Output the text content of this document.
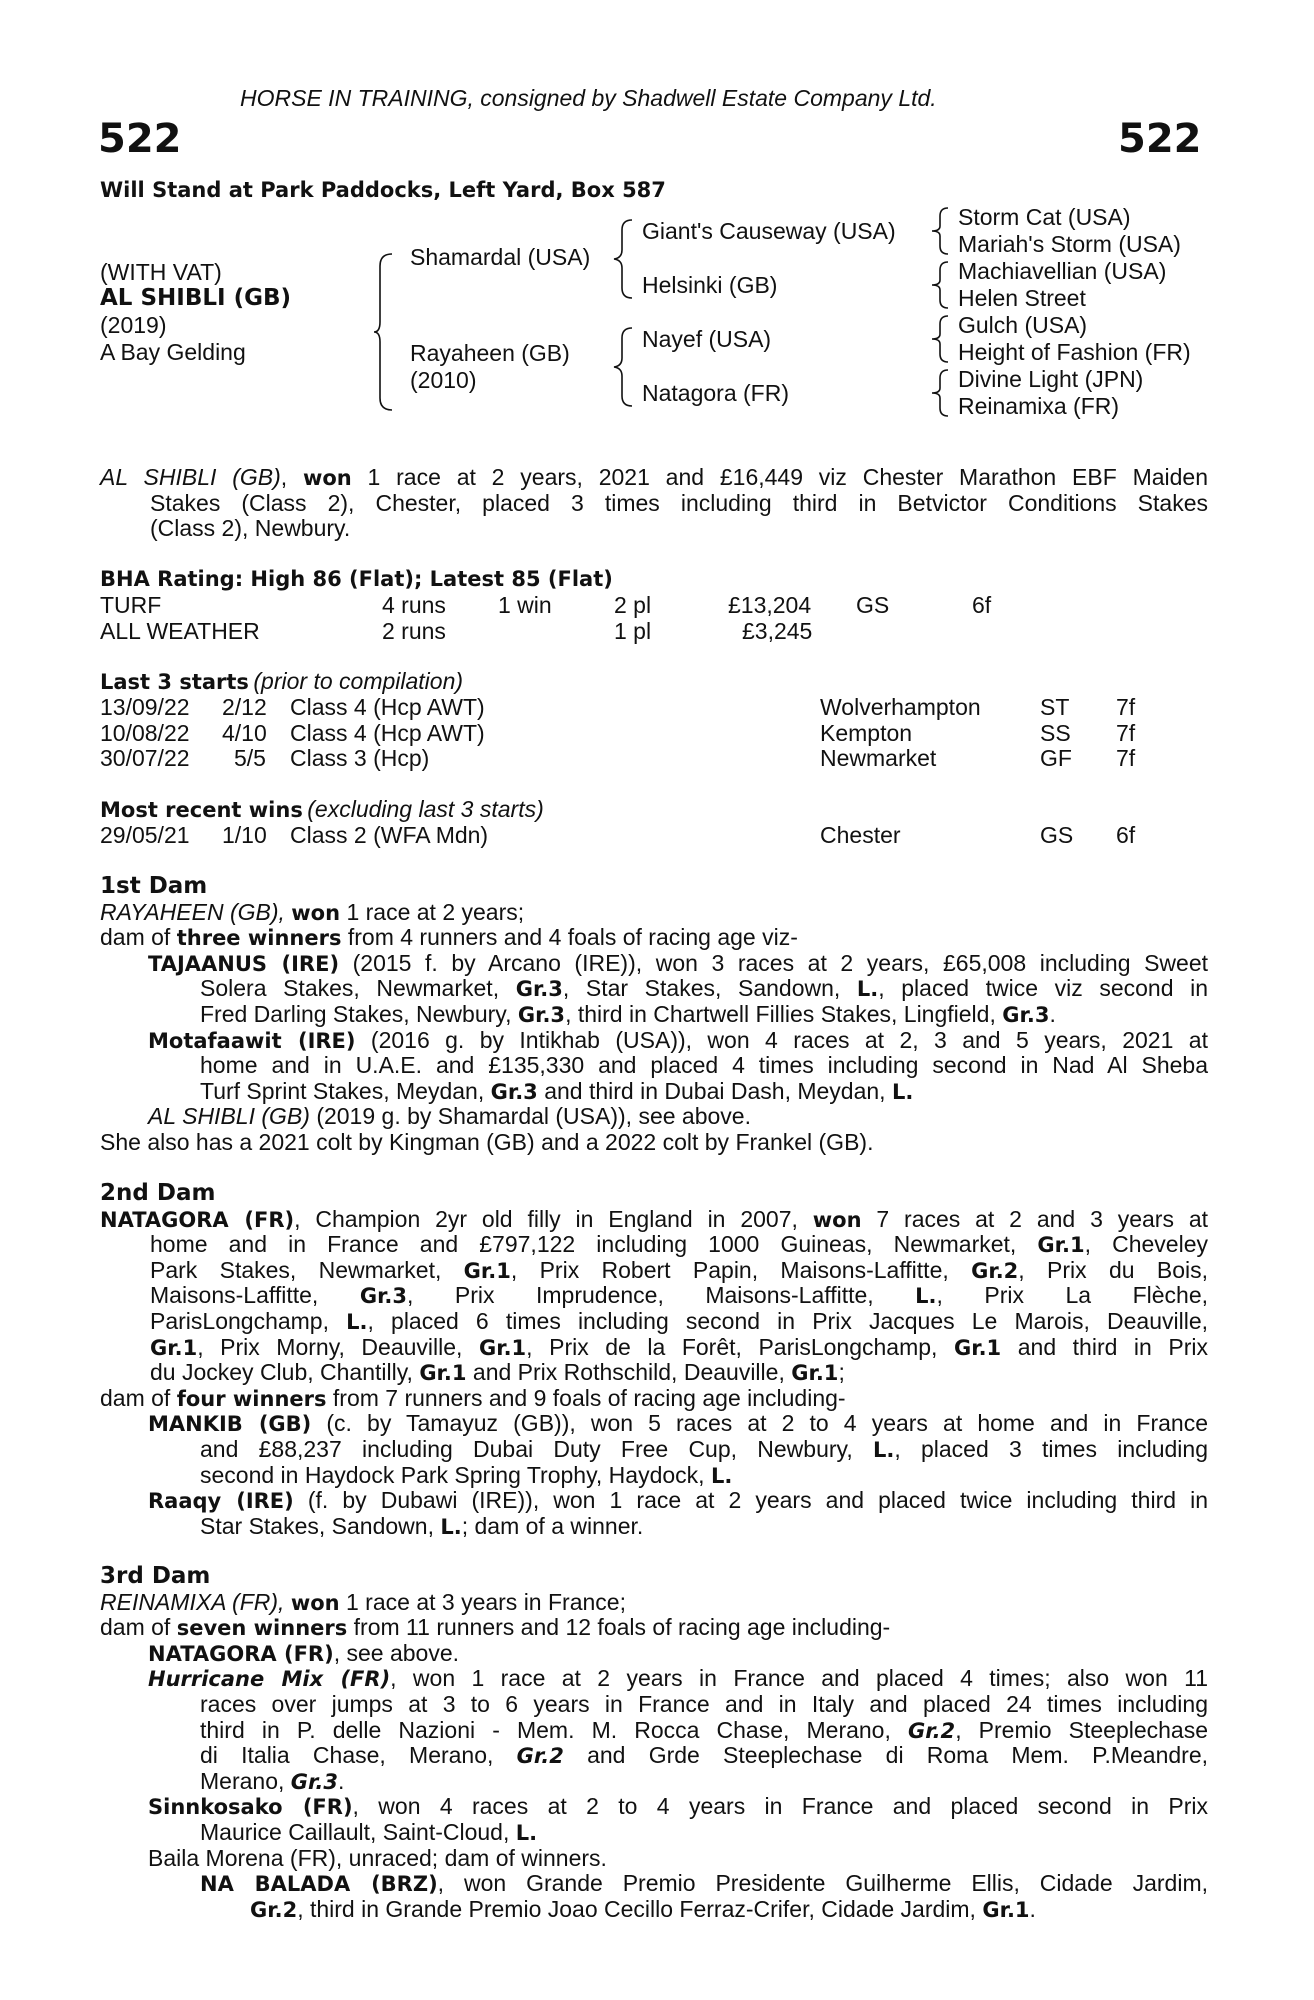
HORSE IN TRAINING, consigned by Shadwell Estate Company Ltd.
522	522
Will Stand at Park Paddocks, Left Yard, Box 587
(WITH VAT)
AL SHIBLI (GB)
(2019)
A Bay Gelding
Shamardal (USA)
Rayaheen (GB)
(2010)
Giant's Causeway (USA)
Helsinki (GB)
Nayef (USA)
Natagora (FR)
Storm Cat (USA)
Mariah's Storm (USA)
Machiavellian (USA)
Helen Street
Gulch (USA)
Height of Fashion (FR)
Divine Light (JPN)
Reinamixa (FR)
AL SHIBLI (GB), won 1 race at 2 years, 2021 and £16,449 viz Chester Marathon EBF Maiden
Stakes (Class 2), Chester, placed 3 times including third in Betvictor Conditions Stakes
(Class 2), Newbury.
BHA Rating: High 86 (Flat); Latest 85 (Flat)
TURF	4 runs 1 win	2 pl	£13,204 GS	6f
ALL WEATHER	2 runs	1 pl	£3,245
Last 3 starts (prior to compilation)
13/09/22 2/12 Class 4 (Hcp AWT)	Wolverhampton	ST 7f
10/08/22 4/10 Class 4 (Hcp AWT)	Kempton	SS 7f
30/07/22 5/5 Class 3 (Hcp)	Newmarket	GF 7f
Most recent wins (excluding last 3 starts)
29/05/21 1/10 Class 2 (WFA Mdn)	Chester	GS 6f
1st Dam
RAYAHEEN (GB), won 1 race at 2 years;
dam of three winners from 4 runners and 4 foals of racing age viz-
TAJAANUS (IRE) (2015 f. by Arcano (IRE)), won 3 races at 2 years, £65,008 including Sweet
Solera Stakes, Newmarket, Gr.3, Star Stakes, Sandown, L., placed twice viz second in
Fred Darling Stakes, Newbury, Gr.3, third in Chartwell Fillies Stakes, Lingfield, Gr.3.
Motafaawit (IRE) (2016 g. by Intikhab (USA)), won 4 races at 2, 3 and 5 years, 2021 at
home and in U.A.E. and £135,330 and placed 4 times including second in Nad Al Sheba
Turf Sprint Stakes, Meydan, Gr.3 and third in Dubai Dash, Meydan, L.
AL SHIBLI (GB) (2019 g. by Shamardal (USA)), see above.
She also has a 2021 colt by Kingman (GB) and a 2022 colt by Frankel (GB).
2nd Dam
NATAGORA (FR), Champion 2yr old filly in England in 2007, won 7 races at 2 and 3 years at
home and in France and £797,122 including 1000 Guineas, Newmarket, Gr.1, Cheveley
Park Stakes, Newmarket, Gr.1, Prix Robert Papin, Maisons-Laffitte, Gr.2, Prix du Bois,
Maisons-Laffitte, Gr.3, Prix Imprudence, Maisons-Laffitte, L., Prix La Flèche,
ParisLongchamp, L., placed 6 times including second in Prix Jacques Le Marois, Deauville,
Gr.1, Prix Morny, Deauville, Gr.1, Prix de la Forêt, ParisLongchamp, Gr.1 and third in Prix
du Jockey Club, Chantilly, Gr.1 and Prix Rothschild, Deauville, Gr.1;
dam of four winners from 7 runners and 9 foals of racing age including-
MANKIB (GB) (c. by Tamayuz (GB)), won 5 races at 2 to 4 years at home and in France
and £88,237 including Dubai Duty Free Cup, Newbury, L., placed 3 times including
second in Haydock Park Spring Trophy, Haydock, L.
Raaqy (IRE) (f. by Dubawi (IRE)), won 1 race at 2 years and placed twice including third in
Star Stakes, Sandown, L.; dam of a winner.
3rd Dam
REINAMIXA (FR), won 1 race at 3 years in France;
dam of seven winners from 11 runners and 12 foals of racing age including-
NATAGORA (FR), see above.
Hurricane Mix (FR), won 1 race at 2 years in France and placed 4 times; also won 11
races over jumps at 3 to 6 years in France and in Italy and placed 24 times including
third in P. delle Nazioni - Mem. M. Rocca Chase, Merano, Gr.2, Premio Steeplechase
di Italia Chase, Merano, Gr.2 and Grde Steeplechase di Roma Mem. P.Meandre,
Merano, Gr.3.
Sinnkosako (FR), won 4 races at 2 to 4 years in France and placed second in Prix
Maurice Caillault, Saint-Cloud, L.
Baila Morena (FR), unraced; dam of winners.
NA BALADA (BRZ), won Grande Premio Presidente Guilherme Ellis, Cidade Jardim,
Gr.2, third in Grande Premio Joao Cecillo Ferraz-Crifer, Cidade Jardim, Gr.1.
